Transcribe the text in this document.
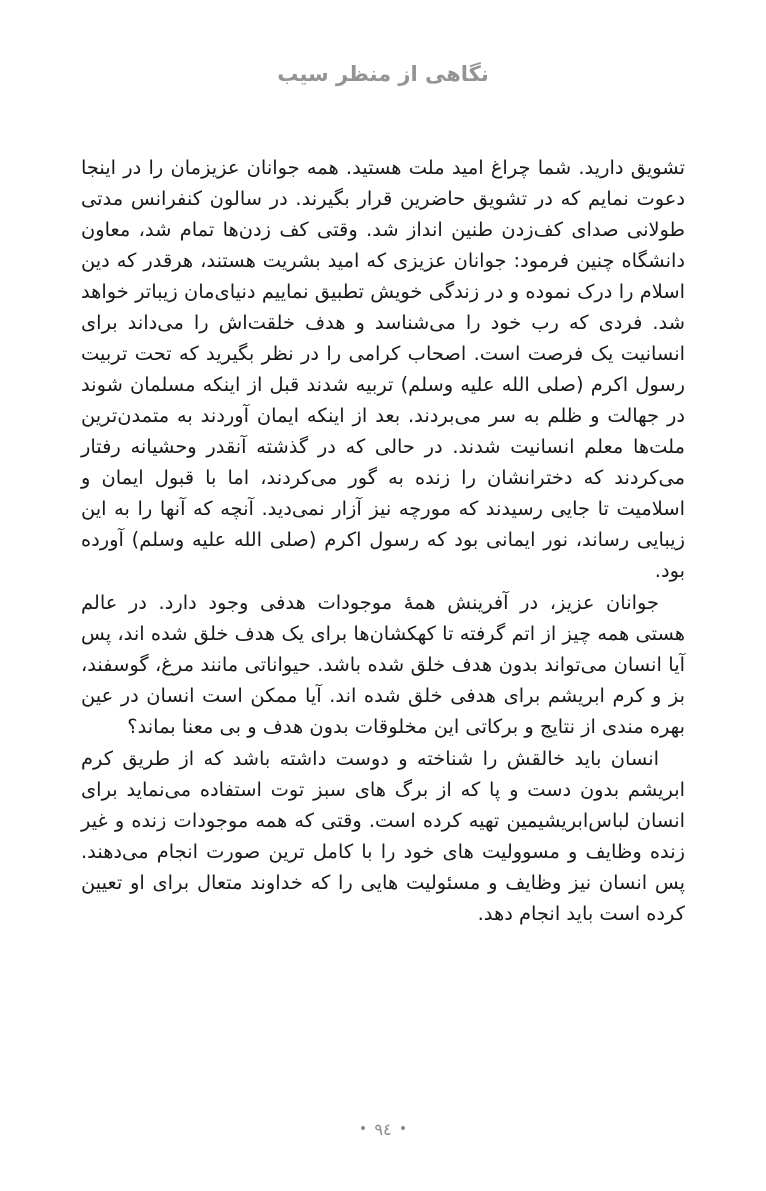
نگاهی از منظر سیب

تشویق دارید. شما چراغ امید ملت هستید. همه جوانان عزیزمان را در اینجا دعوت نمایم که در تشویق حاضرین قرار بگیرند. در سالون کنفرانس مدتی طولانی صدای کف‌زدن طنین انداز شد. وقتی کف زدن‌ها تمام شد، معاون دانشگاه چنین فرمود: جوانان عزیزی که امید بشریت هستند، هرقدر که دین اسلام را درک نموده و در زندگی خویش تطبیق نماییم دنیای‌مان زیباتر خواهد شد. فردی که رب خود را می‌شناسد و هدف خلقت‌اش را می‌داند برای انسانیت یک فرصت است. اصحاب کرامی را در نظر بگیرید که تحت تربیت رسول اکرم (صلی الله علیه وسلم) تربیه شدند قبل از اینکه مسلمان شوند در جهالت و ظلم به سر می‌بردند. بعد از اینکه ایمان آوردند به متمدن‌ترین ملت‌ها معلم انسانیت شدند. در حالی که در گذشته آنقدر وحشیانه رفتار می‌کردند که دخترانشان را زنده به گور می‌کردند، اما با قبول ایمان و اسلامیت تا جایی رسیدند که مورچه نیز آزار نمی‌دید. آنچه که آنها را به این زیبایی رساند، نور ایمانی بود که رسول اکرم (صلی الله علیه وسلم) آورده بود.

جوانان عزیز، در آفرینش همهٔ موجودات هدفی وجود دارد. در عالم هستی همه چیز از اتم گرفته تا کهکشان‌ها برای یک هدف خلق شده اند، پس آیا انسان می‌تواند بدون هدف خلق شده باشد. حیواناتی مانند مرغ، گوسفند، بز و کرم ابریشم برای هدفی خلق شده اند. آیا ممکن است انسان در عین بهره مندی از نتایج و برکاتی این مخلوقات بدون هدف و بی معنا بماند؟

انسان باید خالقش را شناخته و دوست داشته باشد که از طریق کرم ابریشم بدون دست و پا که از برگ های سبز توت استفاده می‌نماید برای انسان لباس‌ابریشیمین تهیه کرده است. وقتی که همه موجودات زنده و غیر زنده وظایف و مسوولیت های خود را با کامل ترین صورت انجام می‌دهند. پس انسان نیز وظایف و مسئولیت هایی را که خداوند متعال برای او تعیین کرده است باید انجام دهد.

٩٤
